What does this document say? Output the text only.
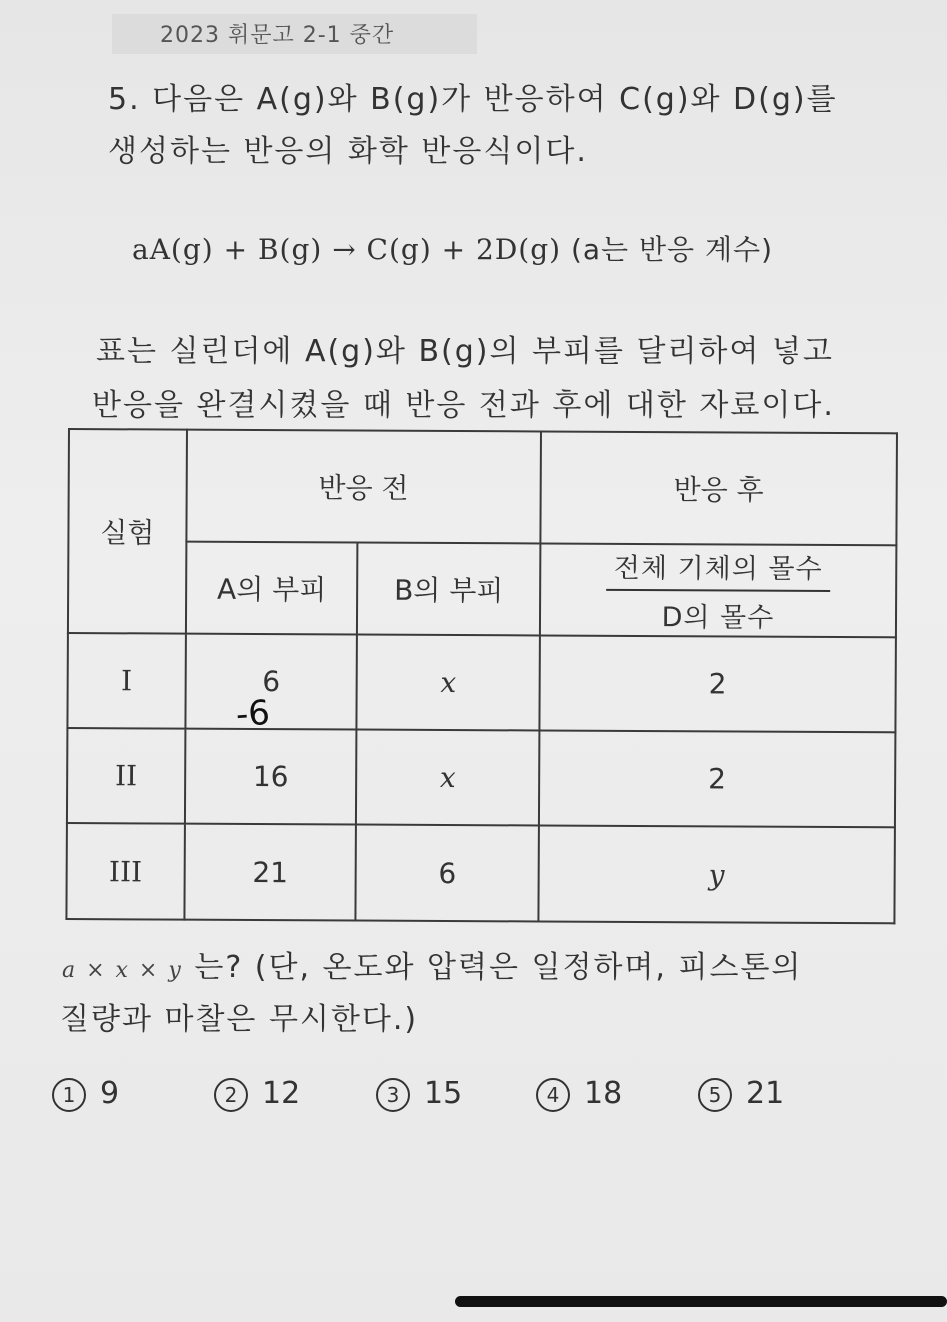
2023 휘문고 2-1 중간
5. 다음은 A(g)와 B(g)가 반응하여 C(g)와 D(g)를
생성하는 반응의 화학 반응식이다.
aA(g) + B(g) → C(g) + 2D(g) (a는 반응 계수)
표는 실린더에 A(g)와 B(g)의 부피를 달리하여 넣고
반응을 완결시켰을 때 반응 전과 후에 대한 자료이다.
실험	반응 전		반응 후
	A의 부피	B의 부피	$\frac{\text{전체 기체의 몰수}}{\text{D의 몰수}}$

I	6	x	2
II	16	x	2
III	21	6	y
-6
a × x × y 는? (단, 온도와 압력은 일정하며, 피스톤의
질량과 마찰은 무시한다.)
1 9	2 12	3 15	4 18	5 21
